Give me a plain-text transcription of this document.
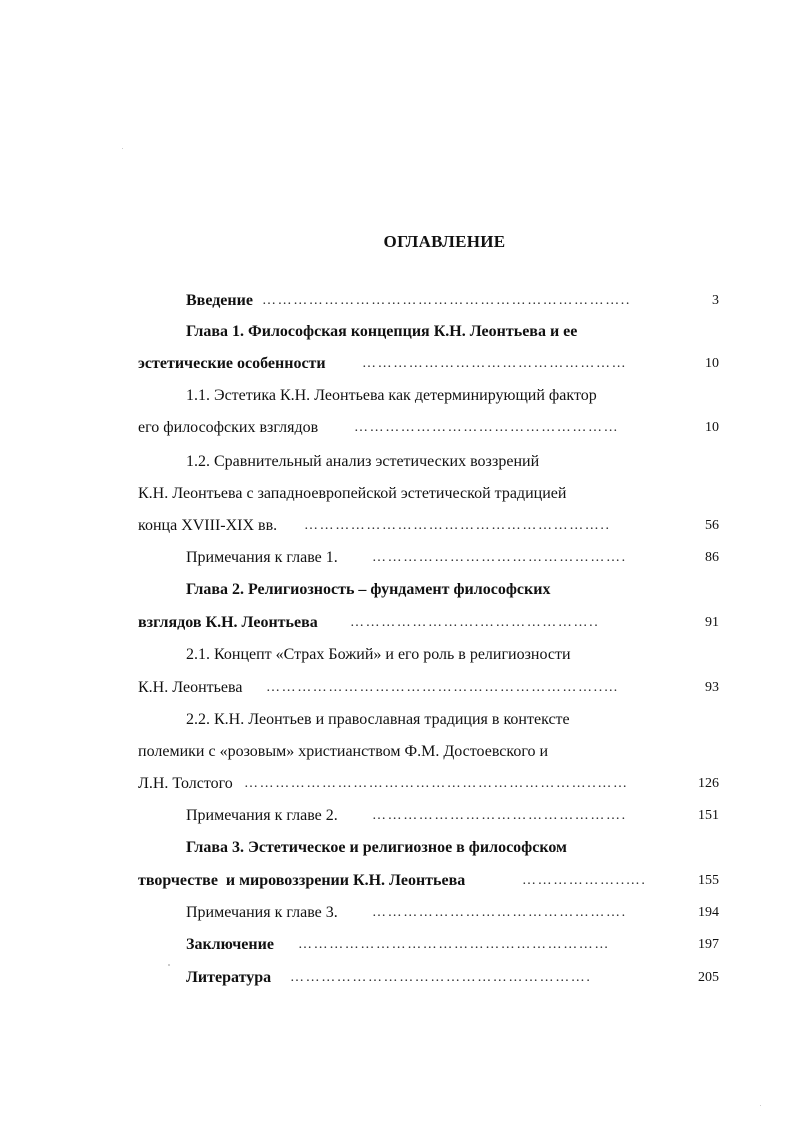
ОГЛАВЛЕНИЕ
Введение ……………………………………………………………..	3
Глава 1. Философская концепция К.Н. Леонтьева и ее
эстетические особенности	……………………………………………	10
1.1. Эстетика К.Н. Леонтьева как детерминирующий фактор
его философских взглядов	……………………………………………	10
1.2. Сравнительный анализ эстетических воззрений
К.Н. Леонтьева с западноевропейской эстетической традицией
конца XVIII-XIX вв. …………………………………………………..	56
Примечания к главе 1. ………………………………………….	86
Глава 2. Религиозность – фундамент философских
взглядов К.Н. Леонтьева …………………….…………………..	91
2.1. Концепт «Страх Божий» и его роль в религиозности
К.Н. Леонтьева ………………………………………………………..…	93
2.2. К.Н. Леонтьев и православная традиция в контексте
полемики с «розовым» христианством Ф.М. Достоевского и
Л.Н. Толстого …………………………………………………………..……	126
Примечания к главе 2. ………………………………………….	151
Глава 3. Эстетическое и религиозное в философском
творчестве  и мировоззрении К.Н. Леонтьева	………………..….	155
Примечания к главе 3. ………………………………………….	194
Заключение ……………………………………………………	197
Литература ………………………………………………….	205
